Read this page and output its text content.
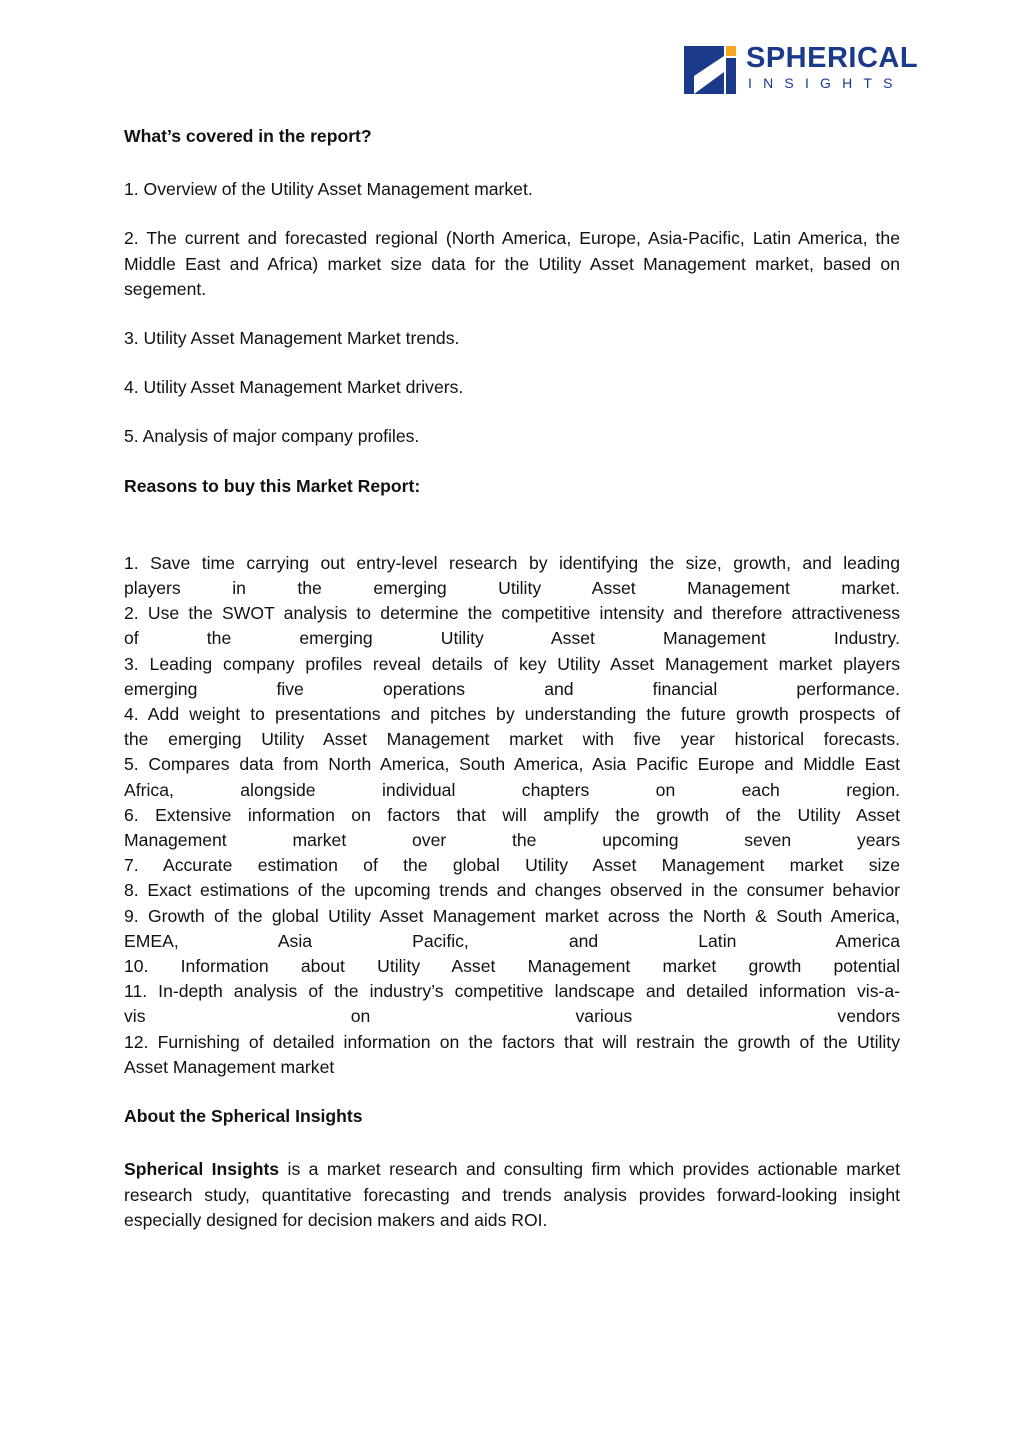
SPHERICAL
INSIGHTS

What’s covered in the report?

1. Overview of the Utility Asset Management market.

2. The current and forecasted regional (North America, Europe, Asia-Pacific, Latin America, the Middle East and Africa) market size data for the Utility Asset Management market, based on segement.

3. Utility Asset Management Market trends.

4. Utility Asset Management Market drivers.

5. Analysis of major company profiles.

Reasons to buy this Market Report:

1. Save time carrying out entry-level research by identifying the size, growth, and leading
players in the emerging Utility Asset Management market.
2. Use the SWOT analysis to determine the competitive intensity and therefore attractiveness
of the emerging Utility Asset Management Industry.
3. Leading company profiles reveal details of key Utility Asset Management market players
emerging five operations and financial performance.
4. Add weight to presentations and pitches by understanding the future growth prospects of
the emerging Utility Asset Management market with five year historical forecasts.
5. Compares data from North America, South America, Asia Pacific Europe and Middle East
Africa, alongside individual chapters on each region.
6. Extensive information on factors that will amplify the growth of the Utility Asset
Management market over the upcoming seven years
7. Accurate estimation of the global Utility Asset Management market size
8. Exact estimations of the upcoming trends and changes observed in the consumer behavior
9. Growth of the global Utility Asset Management market across the North & South America,
EMEA, Asia Pacific, and Latin America
10. Information about Utility Asset Management market growth potential
11. In-depth analysis of the industry’s competitive landscape and detailed information vis-a-
vis on various vendors
12. Furnishing of detailed information on the factors that will restrain the growth of the Utility
Asset Management market

About the Spherical Insights

Spherical Insights is a market research and consulting firm which provides actionable market research study, quantitative forecasting and trends analysis provides forward-looking insight especially designed for decision makers and aids ROI.
